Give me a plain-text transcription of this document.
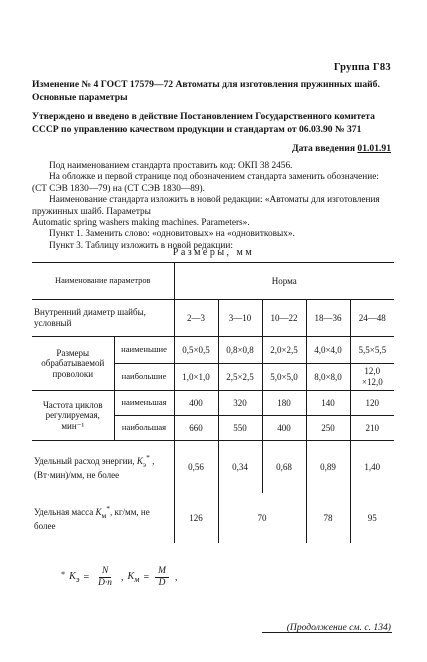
Группа Г83
Изменение № 4 ГОСТ 17579—72 Автоматы для изготовления пружинных шайб. Основные параметры
Утверждено и введено в действие Постановлением Государственного комитета СССР по управлению качеством продукции и стандартам от 06.03.90 № 371
Дата введения 01.01.91

Под наименованием стандарта проставить код: ОКП 38 2456.

На обложке и первой странице под обозначением стандарта заменить обозначение: (СТ СЭВ 1830—79) на (СТ СЭВ 1830—89).

Наименование стандарта изложить в новой редакции: «Автоматы для изготовления пружинных шайб. Параметры

Automatic spring washers making machines. Parameters».

Пункт 1. Заменить слово: «одновитовых» на «одновитковых».

Пункт 3. Таблицу изложить в новой редакции:

Размеры, мм
Наименование параметров		Норма				
Внутренний диаметр шайбы, условный		2—3	3—10	10—22	18—36	24—48
Размеры обрабатываемой проволоки	наименьшие	0,5×0,5	0,8×0,8	2,0×2,5	4,0×4,0	5,5×5,5
	наибольшие	1,0×1,0	2,5×2,5	5,0×5,0	8,0×8,0	12,0
×12,0
Частота циклов регулируемая, мин⁻¹	наименьшая	400	320	180	140	120
	наибольшая	660	550	400	250	210
Удельный расход энергии, $K_э^*$ , (Вт·мин)/мм, не более		0,56	0,34	0,68	0,89	1,40
Удельная масса $K_м^*$, кг/мм, не более		126	70		78	95
* $K_э = \frac{N}{D\cdot n}$ , $K_м = \frac{M}{D}$ ,
(Продолжение см. с. 134)
